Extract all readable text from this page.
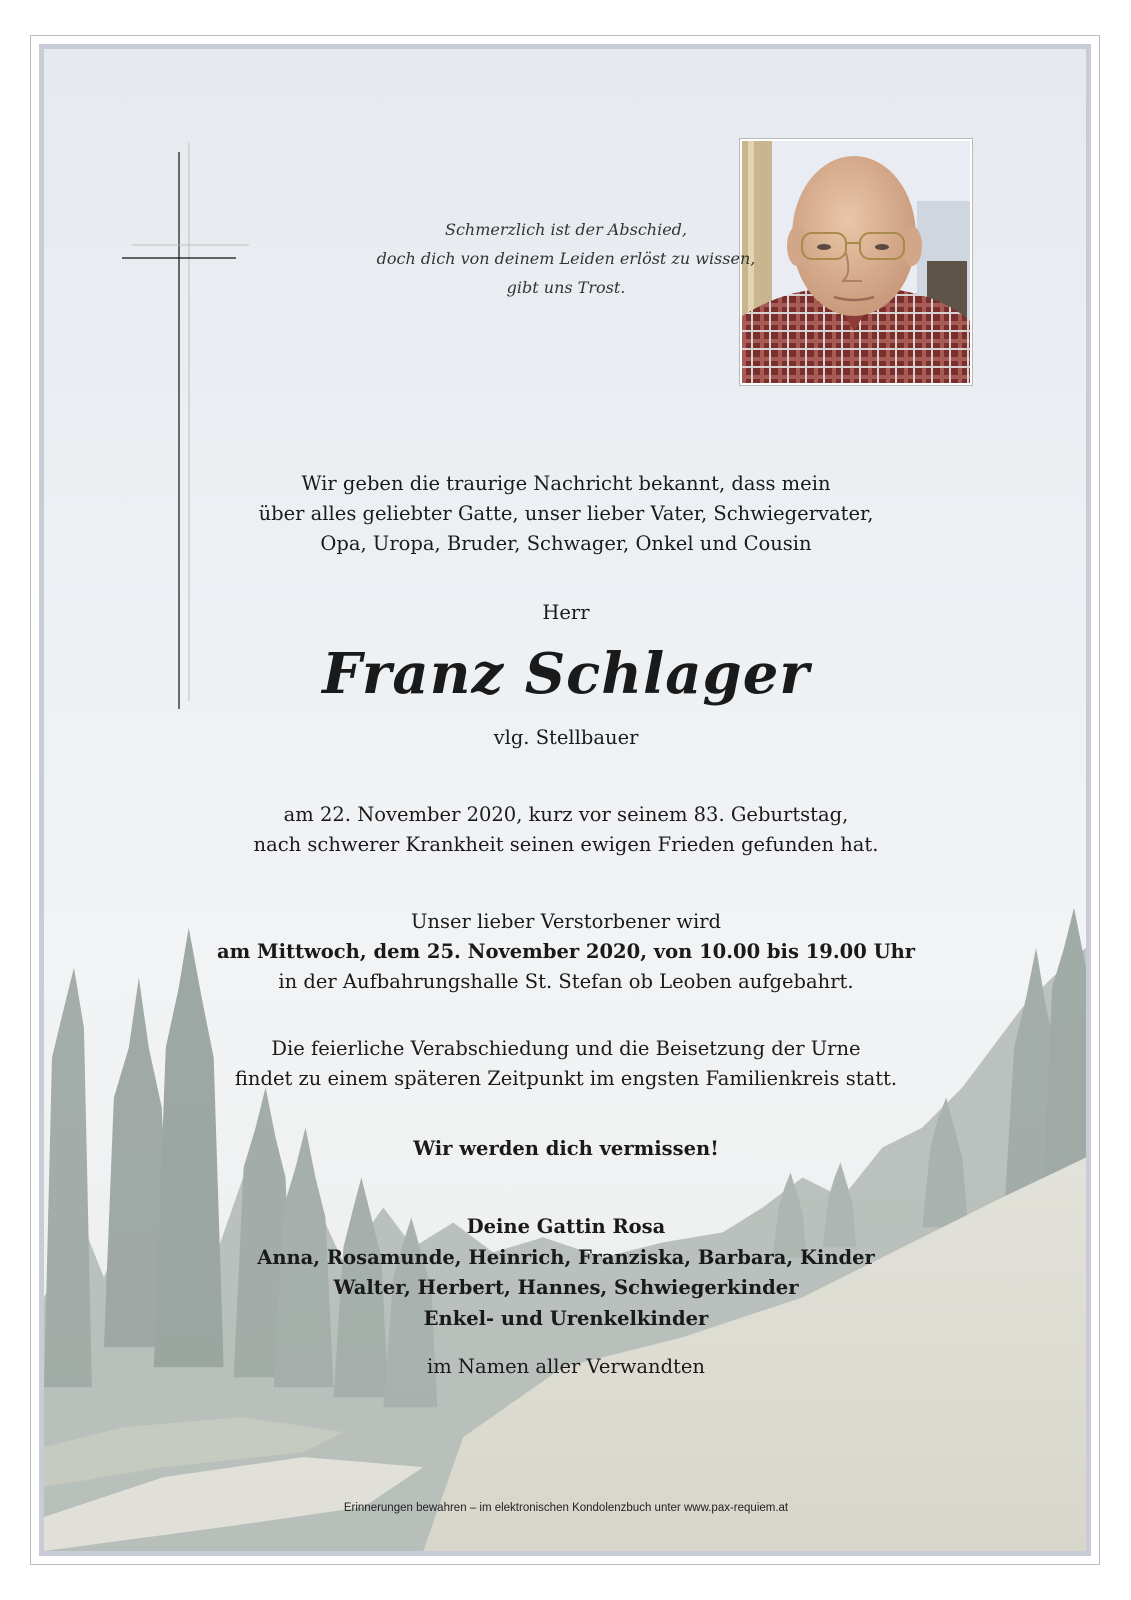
Schmerzlich ist der Abschied,
doch dich von deinem Leiden erlöst zu wissen,
gibt uns Trost.
Wir geben die traurige Nachricht bekannt, dass mein
über alles geliebter Gatte, unser lieber Vater, Schwiegervater,
Opa, Uropa, Bruder, Schwager, Onkel und Cousin
Herr
Franz Schlager
vlg. Stellbauer
am 22. November 2020, kurz vor seinem 83. Geburtstag,
nach schwerer Krankheit seinen ewigen Frieden gefunden hat.
Unser lieber Verstorbener wird
am Mittwoch, dem 25. November 2020, von 10.00 bis 19.00 Uhr
in der Aufbahrungshalle St. Stefan ob Leoben aufgebahrt.
Die feierliche Verabschiedung und die Beisetzung der Urne
findet zu einem späteren Zeitpunkt im engsten Familienkreis statt.
Wir werden dich vermissen!
Deine Gattin Rosa
Anna, Rosamunde, Heinrich, Franziska, Barbara, Kinder
Walter, Herbert, Hannes, Schwiegerkinder
Enkel- und Urenkelkinder
im Namen aller Verwandten
Erinnerungen bewahren – im elektronischen Kondolenzbuch unter www.pax-requiem.at
